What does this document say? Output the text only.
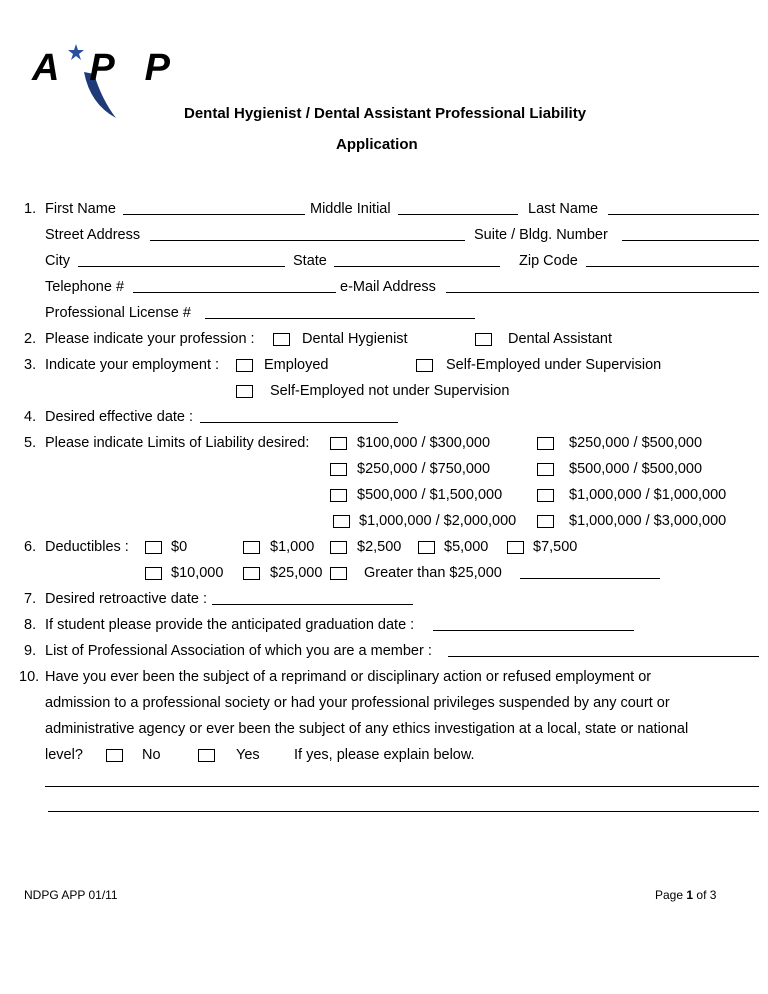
APP
Dental Hygienist / Dental Assistant Professional Liability
Application
1. First Name	Middle Initial	Last Name
Street Address	Suite / Bldg. Number
City	State	Zip Code
Telephone #	e-Mail Address
Professional License #
2. Please indicate your profession :	Dental Hygienist	Dental Assistant
3. Indicate your employment :	Employed	Self-Employed under Supervision
Self-Employed not under Supervision
4. Desired effective date :
5. Please indicate Limits of Liability desired:	$100,000 / $300,000	$250,000 / $500,000
$250,000 / $750,000	$500,000 / $500,000
$500,000 / $1,500,000	$1,000,000 / $1,000,000
$1,000,000 / $2,000,000	$1,000,000 / $3,000,000
6. Deductibles :	$0	$1,000	$2,500	$5,000	$7,500
$10,000	$25,000	Greater than $25,000
7. Desired retroactive date :
8. If student please provide the anticipated graduation date :
9. List of Professional Association of which you are a member :
10. Have you ever been the subject of a reprimand or disciplinary action or refused employment or
admission to a professional society or had your professional privileges suspended by any court or
administrative agency or ever been the subject of any ethics investigation at a local, state or national
level?	No	Yes If yes, please explain below.
NDPG APP 01/11	Page 1 of 3
